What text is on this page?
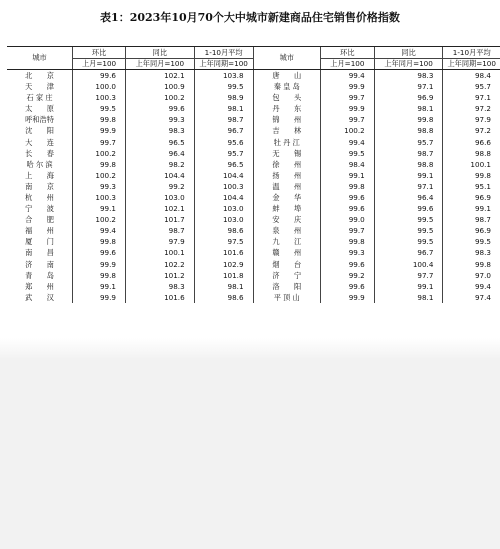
表1：2023年10月70个大中城市新建商品住宅销售价格指数
城市	环比	同比	1-10月平均	城市	环比	同比	1-10月平均
	上月=100	上年同月=100	上年同期=100		上月=100	上年同月=100	上年同期=100
北　　京	99.6	102.1	103.8	唐　　山	99.4	98.3	98.4
天　　津	100.0	100.9	99.5	秦 皇 岛	99.9	97.1	95.7
石 家 庄	100.3	100.2	98.9	包　　头	99.7	96.9	97.1
太　　原	99.5	99.6	98.1	丹　　东	99.9	98.1	97.2
呼和浩特	99.8	99.3	98.7	锦　　州	99.7	99.8	97.9
沈　　阳	99.9	98.3	96.7	吉　　林	100.2	98.8	97.2
大　　连	99.7	96.5	95.6	牡 丹 江	99.4	95.7	96.6
长　　春	100.2	96.4	95.7	无　　锡	99.5	98.7	98.8
哈 尔 滨	99.8	98.2	96.5	徐　　州	98.4	98.8	100.1
上　　海	100.2	104.4	104.4	扬　　州	99.1	99.1	99.8
南　　京	99.3	99.2	100.3	温　　州	99.8	97.1	95.1
杭　　州	100.3	103.0	104.4	金　　华	99.6	96.4	96.9
宁　　波	99.1	102.1	103.0	蚌　　埠	99.6	99.6	99.1
合　　肥	100.2	101.7	103.0	安　　庆	99.0	99.5	98.7
福　　州	99.4	98.7	98.6	泉　　州	99.7	99.5	96.9
厦　　门	99.8	97.9	97.5	九　　江	99.8	99.5	99.5
南　　昌	99.6	100.1	101.6	赣　　州	99.3	96.7	98.3
济　　南	99.9	102.2	102.9	烟　　台	99.6	100.4	99.8
青　　岛	99.8	101.2	101.8	济　　宁	99.2	97.7	97.0
郑　　州	99.1	98.3	98.1	洛　　阳	99.6	99.1	99.4
武　　汉	99.9	101.6	98.6	平 顶 山	99.9	98.1	97.4
